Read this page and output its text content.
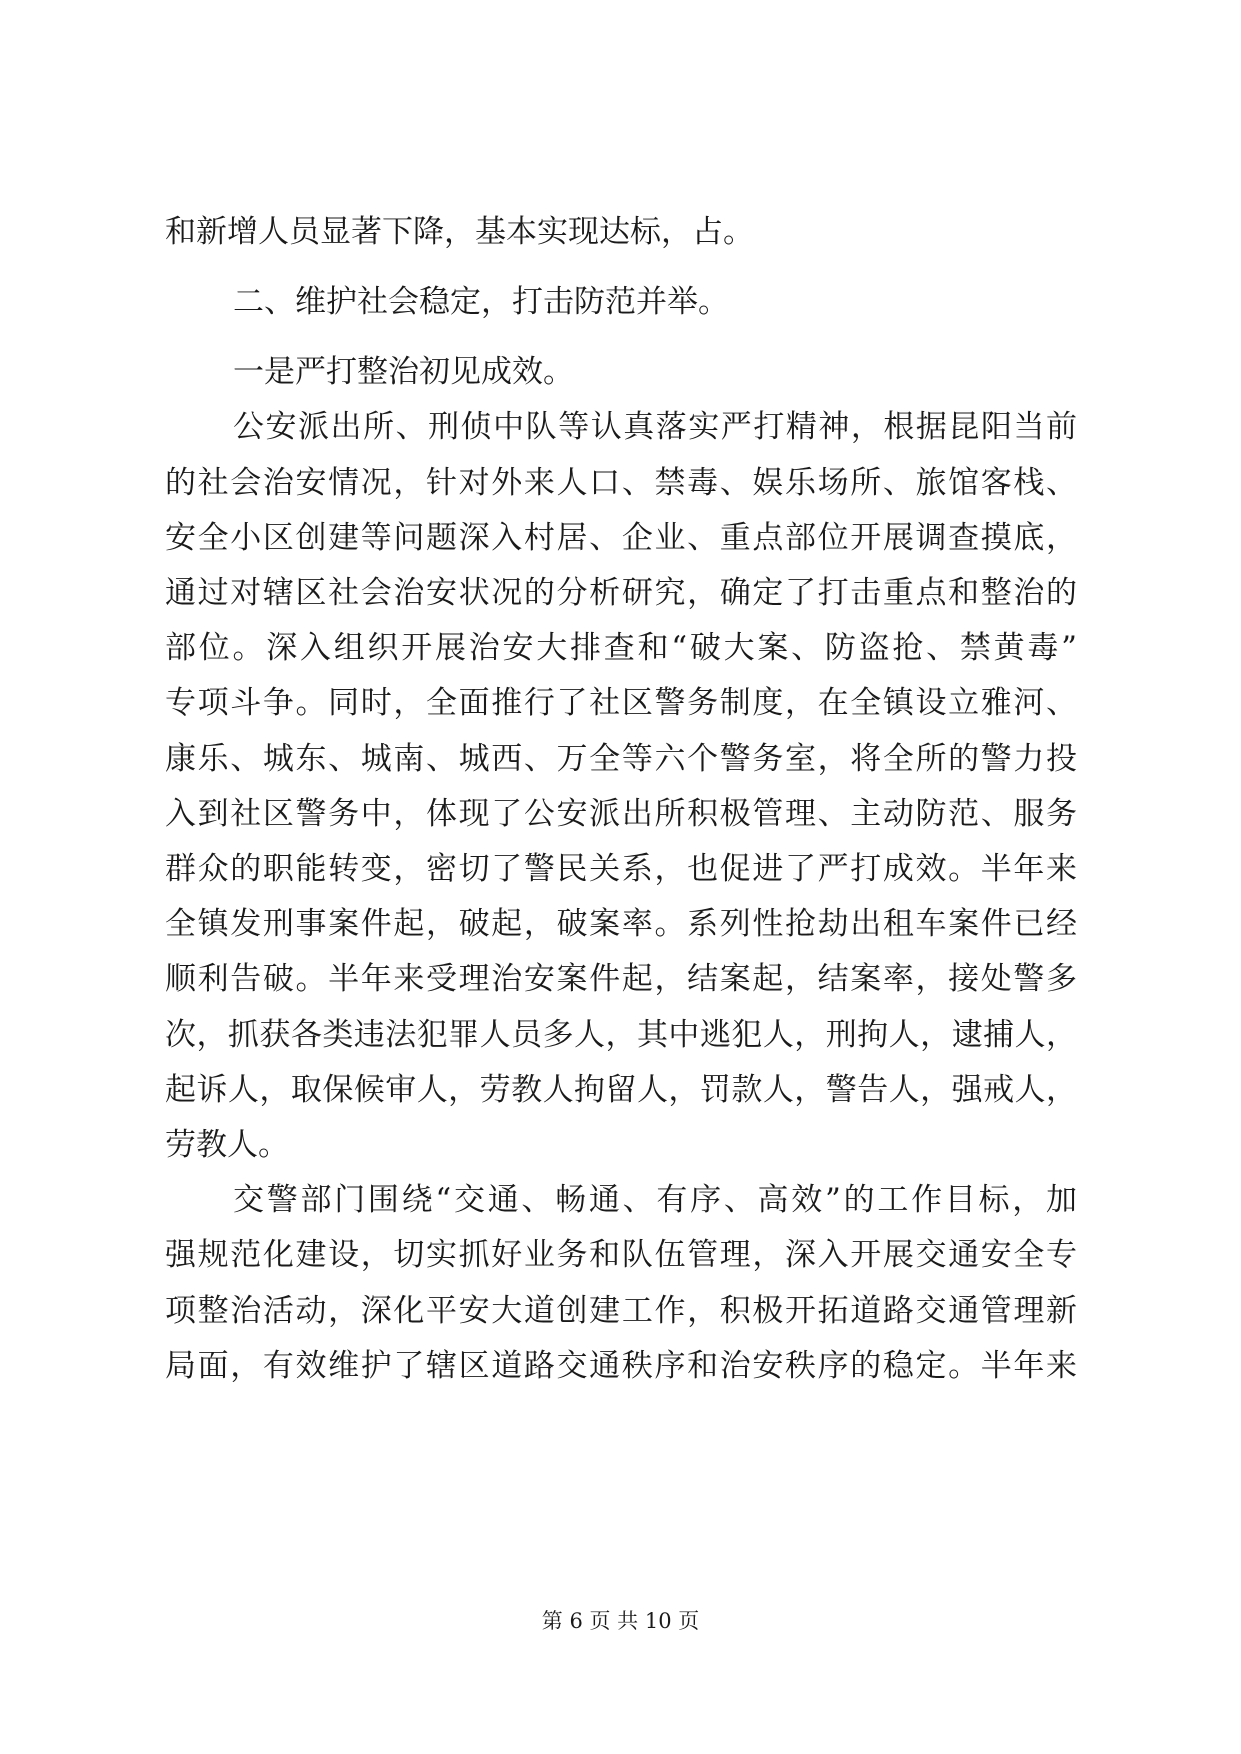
和新增人员显著下降，基本实现达标，占。
二、维护社会稳定，打击防范并举。
一是严打整治初见成效。
公安派出所、刑侦中队等认真落实严打精神，根据昆阳当前
的社会治安情况，针对外来人口、禁毒、娱乐场所、旅馆客栈、
安全小区创建等问题深入村居、企业、重点部位开展调查摸底，
通过对辖区社会治安状况的分析研究，确定了打击重点和整治的
部位。深入组织开展治安大排查和“破大案、防盗抢、禁黄毒”
专项斗争。同时，全面推行了社区警务制度，在全镇设立雅河、
康乐、城东、城南、城西、万全等六个警务室，将全所的警力投
入到社区警务中，体现了公安派出所积极管理、主动防范、服务
群众的职能转变，密切了警民关系，也促进了严打成效。半年来
全镇发刑事案件起，破起，破案率。系列性抢劫出租车案件已经
顺利告破。半年来受理治安案件起，结案起，结案率，接处警多
次，抓获各类违法犯罪人员多人，其中逃犯人，刑拘人，逮捕人，
起诉人，取保候审人，劳教人拘留人，罚款人，警告人，强戒人，
劳教人。
交警部门围绕“交通、畅通、有序、高效”的工作目标，加
强规范化建设，切实抓好业务和队伍管理，深入开展交通安全专
项整治活动，深化平安大道创建工作，积极开拓道路交通管理新
局面，有效维护了辖区道路交通秩序和治安秩序的稳定。半年来
第 6 页 共 10 页
